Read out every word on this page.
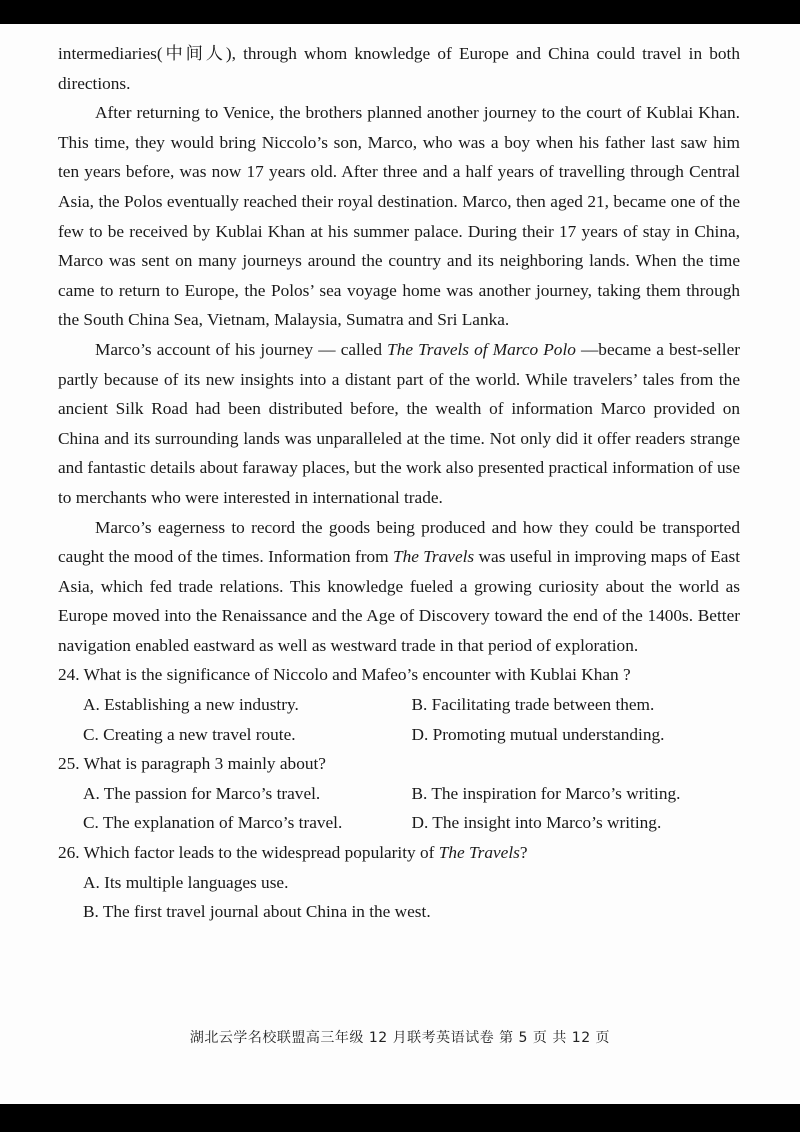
intermediaries(中间人), through whom knowledge of Europe and China could travel in both directions.

After returning to Venice, the brothers planned another journey to the court of Kublai Khan. This time, they would bring Niccolo’s son, Marco, who was a boy when his father last saw him ten years before, was now 17 years old. After three and a half years of travelling through Central Asia, the Polos eventually reached their royal destination. Marco, then aged 21, became one of the few to be received by Kublai Khan at his summer palace. During their 17 years of stay in China, Marco was sent on many journeys around the country and its neighboring lands. When the time came to return to Europe, the Polos’ sea voyage home was another journey, taking them through the South China Sea, Vietnam, Malaysia, Sumatra and Sri Lanka.

Marco’s account of his journey — called The Travels of Marco Polo —became a best-seller partly because of its new insights into a distant part of the world. While travelers’ tales from the ancient Silk Road had been distributed before, the wealth of information Marco provided on China and its surrounding lands was unparalleled at the time. Not only did it offer readers strange and fantastic details about faraway places, but the work also presented practical information of use to merchants who were interested in international trade.

Marco’s eagerness to record the goods being produced and how they could be transported caught the mood of the times. Information from The Travels was useful in improving maps of East Asia, which fed trade relations. This knowledge fueled a growing curiosity about the world as Europe moved into the Renaissance and the Age of Discovery toward the end of the 1400s. Better navigation enabled eastward as well as westward trade in that period of exploration.

24. What is the significance of Niccolo and Mafeo’s encounter with Kublai Khan ?

A. Establishing a new industry.	B. Facilitating trade between them.
C. Creating a new travel route.	D. Promoting mutual understanding.

25. What is paragraph 3 mainly about?

A. The passion for Marco’s travel.	B. The inspiration for Marco’s writing.
C. The explanation of Marco’s travel.	D. The insight into Marco’s writing.

26. Which factor leads to the widespread popularity of The Travels?

A. Its multiple languages use.
B. The first travel journal about China in the west.
湖北云学名校联盟高三年级 12 月联考英语试卷 第 5 页 共 12 页
